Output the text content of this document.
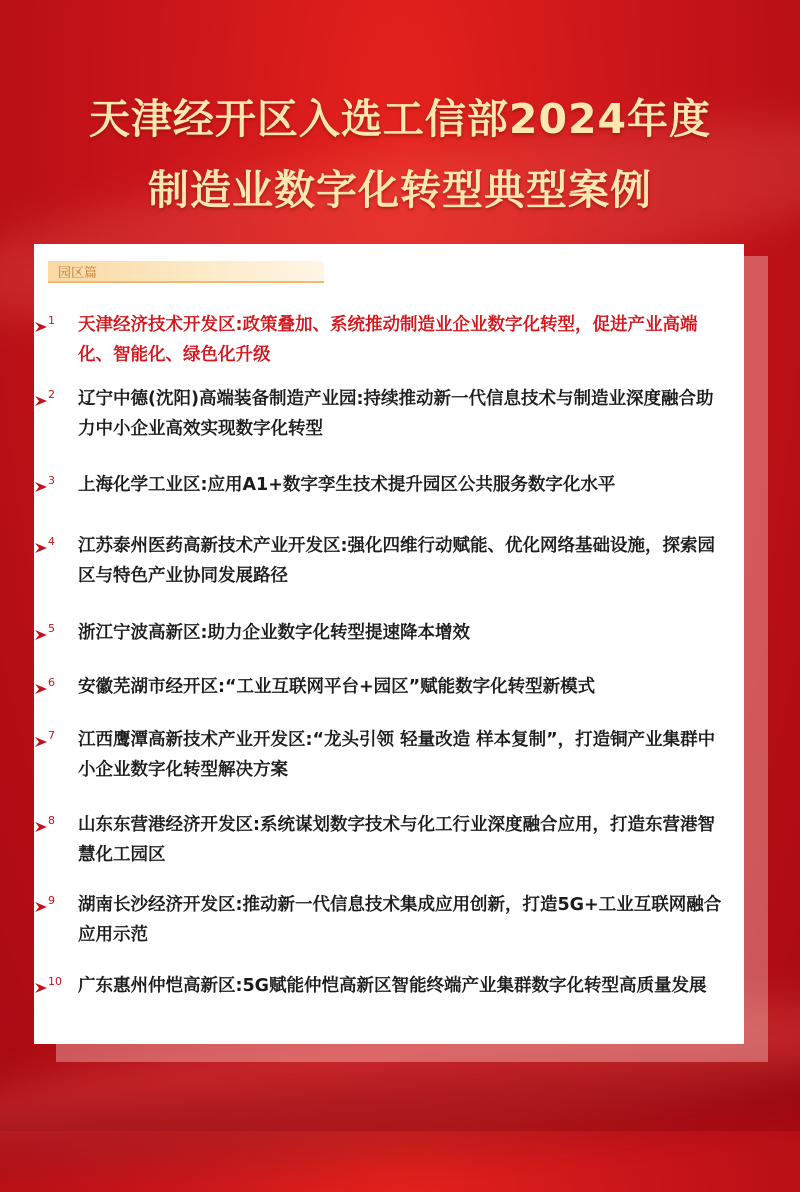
天津经开区入选工信部2024年度
制造业数字化转型典型案例
园区篇
1 天津经济技术开发区:政策叠加、系统推动制造业企业数字化转型，促进产业高端化、智能化、绿色化升级
2 辽宁中德(沈阳)高端装备制造产业园:持续推动新一代信息技术与制造业深度融合助力中小企业高效实现数字化转型
3 上海化学工业区:应用A1+数字孪生技术提升园区公共服务数字化水平
4 江苏泰州医药高新技术产业开发区:强化四维行动赋能、优化网络基础设施，探索园区与特色产业协同发展路径
5 浙江宁波高新区:助力企业数字化转型提速降本增效
6 安徽芜湖市经开区:“工业互联网平台+园区”赋能数字化转型新模式
7 江西鹰潭高新技术产业开发区:“龙头引领 轻量改造 样本复制”，打造铜产业集群中小企业数字化转型解决方案
8 山东东营港经济开发区:系统谋划数字技术与化工行业深度融合应用，打造东营港智慧化工园区
9 湖南长沙经济开发区:推动新一代信息技术集成应用创新，打造5G+工业互联网融合应用示范
10 广东惠州仲恺高新区:5G赋能仲恺高新区智能终端产业集群数字化转型高质量发展
